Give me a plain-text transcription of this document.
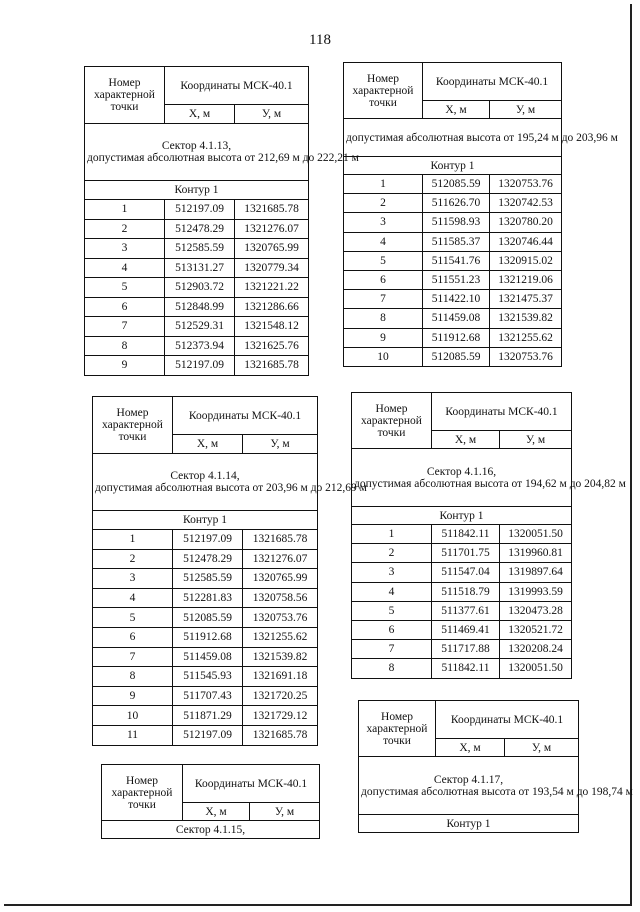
118
Номер характерной точки	Координаты МСК-40.1	
	Х, м	У, м
Сектор 4.1.13,
допустимая абсолютная высота от 212,69 м до 222,21 м		
Контур 1		
1	512197.09	1321685.78
2	512478.29	1321276.07
3	512585.59	1320765.99
4	513131.27	1320779.34
5	512903.72	1321221.22
6	512848.99	1321286.66
7	512529.31	1321548.12
8	512373.94	1321625.76
9	512197.09	1321685.78
Номер характерной точки	Координаты МСК-40.1	
	Х, м	У, м
допустимая абсолютная высота от 195,24 м до 203,96 м		
Контур 1		
1	512085.59	1320753.76
2	511626.70	1320742.53
3	511598.93	1320780.20
4	511585.37	1320746.44
5	511541.76	1320915.02
6	511551.23	1321219.06
7	511422.10	1321475.37
8	511459.08	1321539.82
9	511912.68	1321255.62
10	512085.59	1320753.76
Номер характерной точки	Координаты МСК-40.1	
	Х, м	У, м
Сектор 4.1.14,
допустимая абсолютная высота от 203,96 м до 212,69 м		
Контур 1		
1	512197.09	1321685.78
2	512478.29	1321276.07
3	512585.59	1320765.99
4	512281.83	1320758.56
5	512085.59	1320753.76
6	511912.68	1321255.62
7	511459.08	1321539.82
8	511545.93	1321691.18
9	511707.43	1321720.25
10	511871.29	1321729.12
11	512197.09	1321685.78
Номер характерной точки	Координаты МСК-40.1	
	Х, м	У, м
Сектор 4.1.16,
допустимая абсолютная высота от 194,62 м до 204,82 м		
Контур 1		
1	511842.11	1320051.50
2	511701.75	1319960.81
3	511547.04	1319897.64
4	511518.79	1319993.59
5	511377.61	1320473.28
6	511469.41	1320521.72
7	511717.88	1320208.24
8	511842.11	1320051.50
Номер характерной точки	Координаты МСК-40.1	
	Х, м	У, м
Сектор 4.1.15,		
Номер характерной точки	Координаты МСК-40.1	
	Х, м	У, м
Сектор 4.1.17,
допустимая абсолютная высота от 193,54 м до 198,74 м		
Контур 1		
